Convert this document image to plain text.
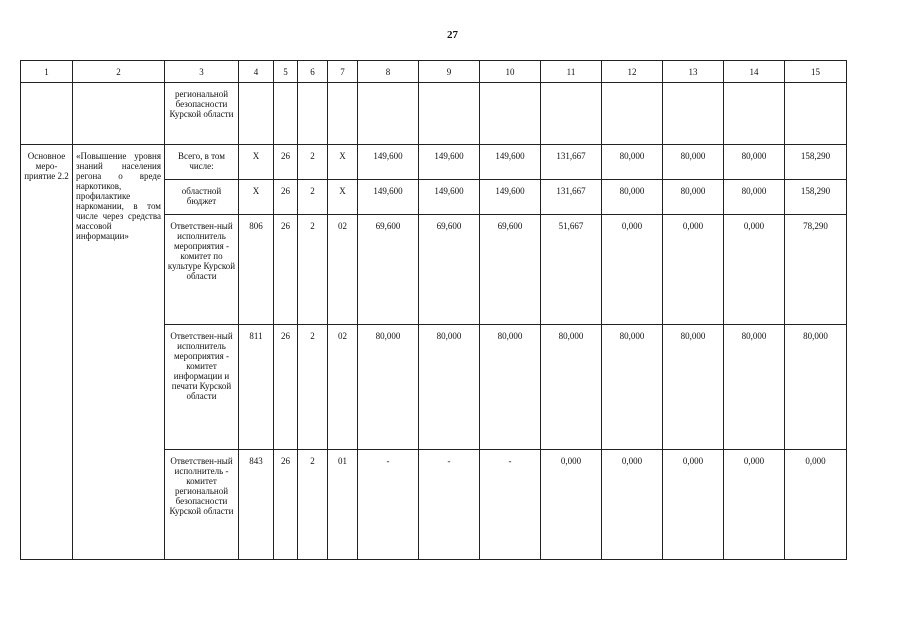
27
1	2	3	4	5	6	7	8	9	10	11	12	13	14	15
		региональной безопасности Курской области												
Основное меро-приятие 2.2	«Повышение уровня знаний населения регона о вреде наркотиков, профилактике наркомании, в том числе через средства массовой информации»	Всего, в том числе:	Х	26	2	Х	149,600	149,600	149,600	131,667	80,000	80,000	80,000	158,290
		областной бюджет	Х	26	2	Х	149,600	149,600	149,600	131,667	80,000	80,000	80,000	158,290
		Ответствен-ный исполнитель мероприятия - комитет по культуре Курской области	806	26	2	02	69,600	69,600	69,600	51,667	0,000	0,000	0,000	78,290
		Ответствен-ный исполнитель мероприятия - комитет информации и печати Курской области	811	26	2	02	80,000	80,000	80,000	80,000	80,000	80,000	80,000	80,000
		Ответствен-ный исполнитель - комитет региональной безопасности Курской области	843	26	2	01	-	-	-	0,000	0,000	0,000	0,000	0,000
